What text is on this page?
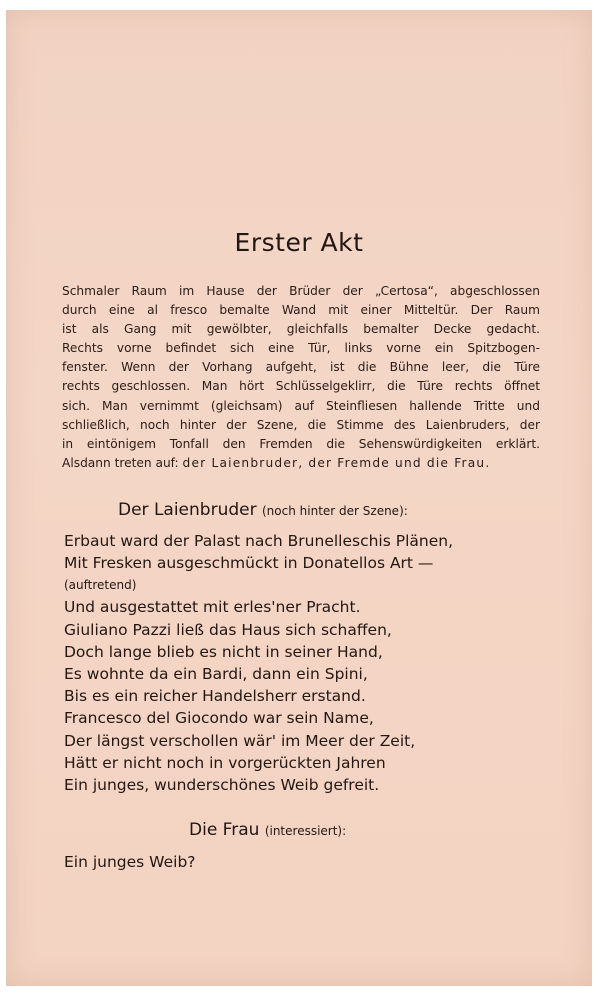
Erster Akt
Schmaler Raum im Hause der Brüder der „Certosa“, abgeschlossen
durch eine al fresco bemalte Wand mit einer Mitteltür. Der Raum
ist als Gang mit gewölbter, gleichfalls bemalter Decke gedacht.
Rechts vorne befindet sich eine Tür, links vorne ein Spitzbogen-
fenster. Wenn der Vorhang aufgeht, ist die Bühne leer, die Türe
rechts geschlossen. Man hört Schlüsselgeklirr, die Türe rechts öffnet
sich. Man vernimmt (gleichsam) auf Steinfliesen hallende Tritte und
schließlich, noch hinter der Szene, die Stimme des Laienbruders, der
in eintönigem Tonfall den Fremden die Sehenswürdigkeiten erklärt.
Alsdann treten auf: der Laienbruder, der Fremde und die Frau.
Der Laienbruder (noch hinter der Szene):
Erbaut ward der Palast nach Brunelleschis Plänen,
Mit Fresken ausgeschmückt in Donatellos Art —
(auftretend)
Und ausgestattet mit erles'ner Pracht.
Giuliano Pazzi ließ das Haus sich schaffen,
Doch lange blieb es nicht in seiner Hand,
Es wohnte da ein Bardi, dann ein Spini,
Bis es ein reicher Handelsherr erstand.
Francesco del Giocondo war sein Name,
Der längst verschollen wär' im Meer der Zeit,
Hätt er nicht noch in vorgerückten Jahren
Ein junges, wunderschönes Weib gefreit.
Die Frau (interessiert):
Ein junges Weib?
